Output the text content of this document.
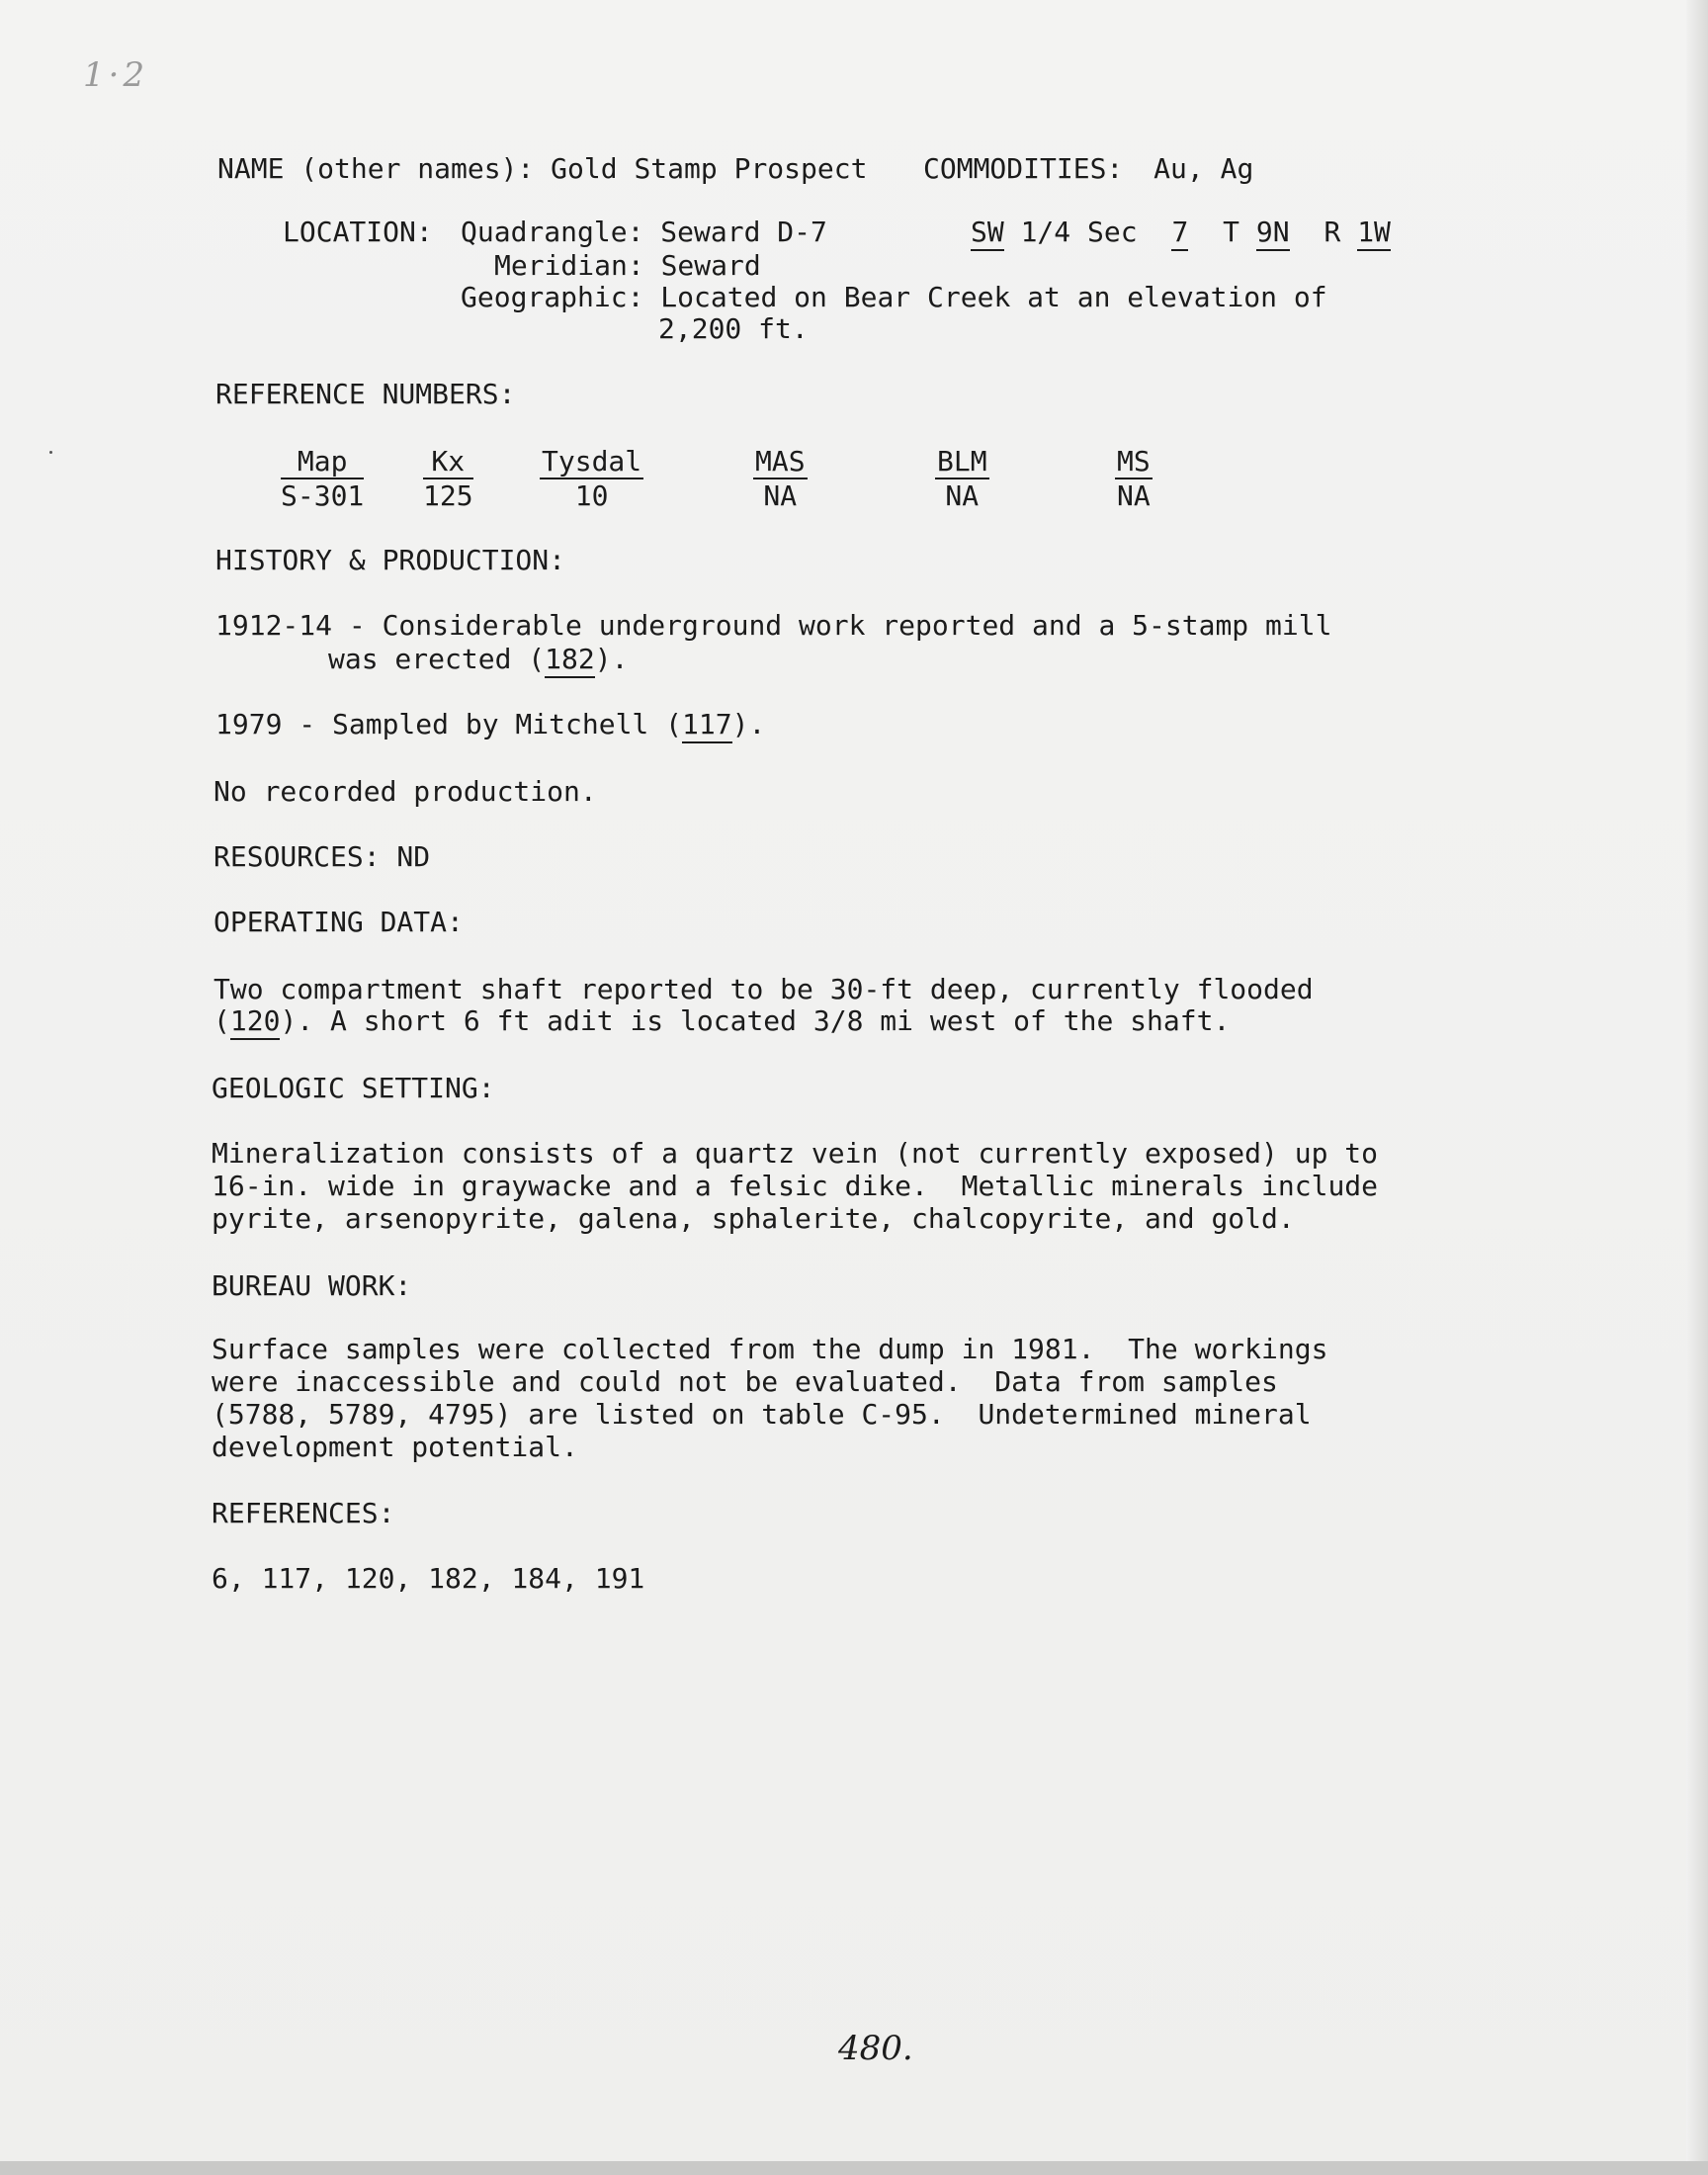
1·2
NAME (other names): Gold Stamp Prospect COMMODITIES: Au, Ag
LOCATION: Quadrangle: Seward D-7	SW 1/4 Sec 7 T 9N R 1W
Meridian: Seward
Geographic: Located on Bear Creek at an elevation of
2,200 ft.
REFERENCE NUMBERS:
Map
S-301
Kx
125
Tysdal
10
MAS
NA
BLM
NA
MS
NA
HISTORY & PRODUCTION:
1912-14 - Considerable underground work reported and a 5-stamp mill
was erected (182).
1979 - Sampled by Mitchell (117).
No recorded production.
RESOURCES: ND
OPERATING DATA:
Two compartment shaft reported to be 30-ft deep, currently flooded
(120). A short 6 ft adit is located 3/8 mi west of the shaft.
GEOLOGIC SETTING:
Mineralization consists of a quartz vein (not currently exposed) up to
16-in. wide in graywacke and a felsic dike.  Metallic minerals include
pyrite, arsenopyrite, galena, sphalerite, chalcopyrite, and gold.
BUREAU WORK:
Surface samples were collected from the dump in 1981.  The workings
were inaccessible and could not be evaluated.  Data from samples
(5788, 5789, 4795) are listed on table C-95.  Undetermined mineral
development potential.
REFERENCES:
6, 117, 120, 182, 184, 191
480.
